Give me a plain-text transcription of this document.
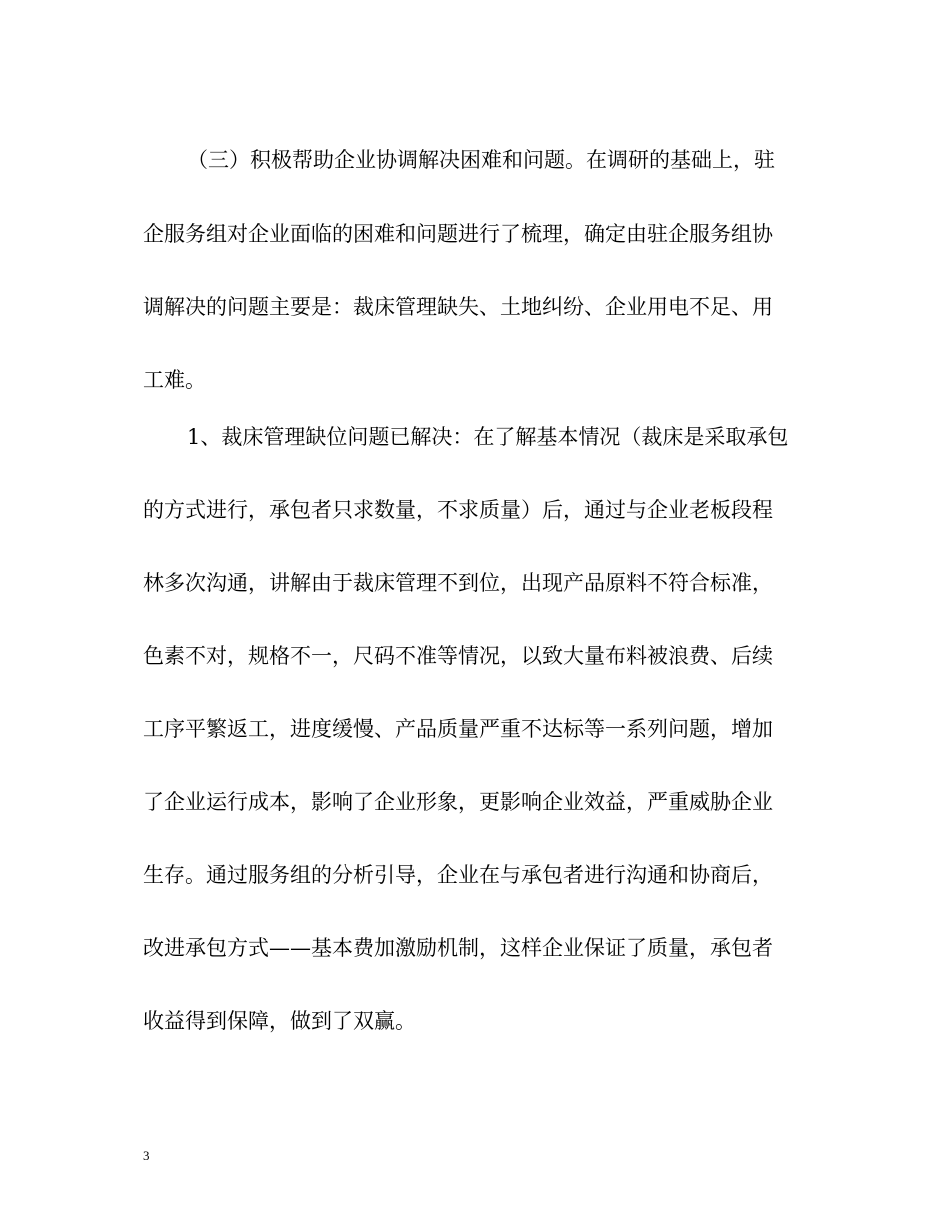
（三）积极帮助企业协调解决困难和问题。在调研的基础上，驻
企服务组对企业面临的困难和问题进行了梳理，确定由驻企服务组协
调解决的问题主要是：裁床管理缺失、土地纠纷、企业用电不足、用
工难。
1、裁床管理缺位问题已解决：在了解基本情况（裁床是采取承包
的方式进行，承包者只求数量，不求质量）后，通过与企业老板段程
林多次沟通，讲解由于裁床管理不到位，出现产品原料不符合标准，
色素不对，规格不一，尺码不准等情况，以致大量布料被浪费、后续
工序平繁返工，进度缓慢、产品质量严重不达标等一系列问题，增加
了企业运行成本，影响了企业形象，更影响企业效益，严重威胁企业
生存。通过服务组的分析引导，企业在与承包者进行沟通和协商后，
改进承包方式——基本费加激励机制，这样企业保证了质量，承包者
收益得到保障，做到了双赢。
3
